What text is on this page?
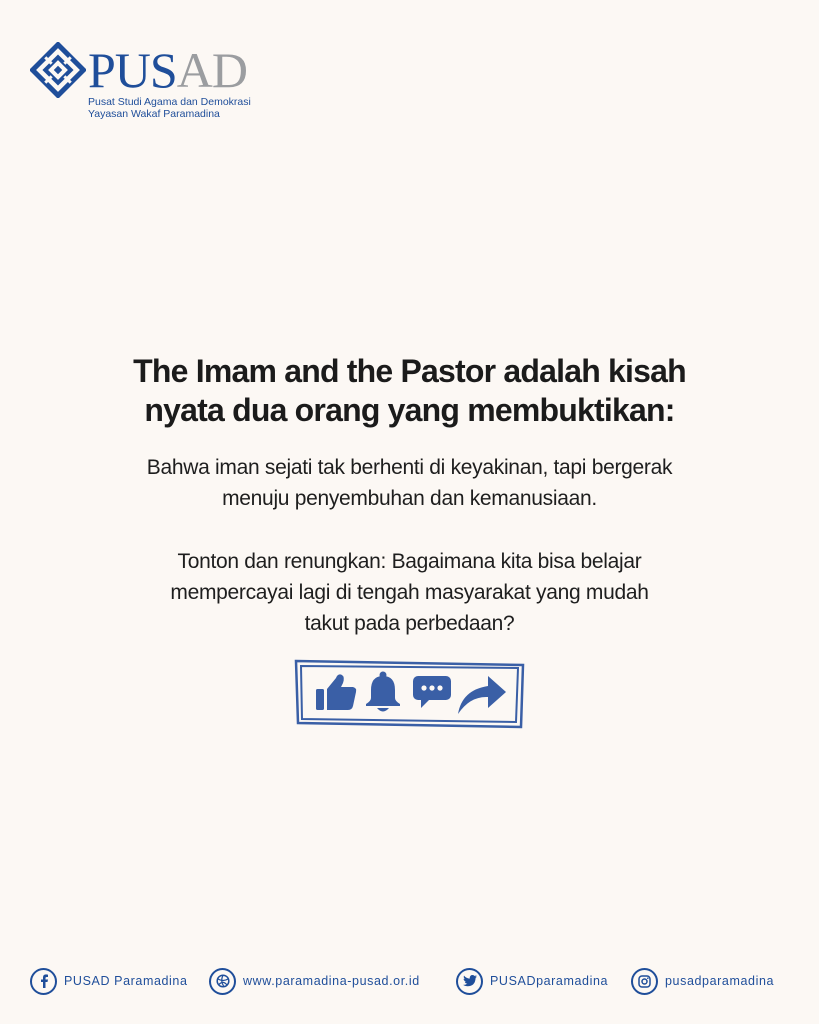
PUSAD
Pusat Studi Agama dan Demokrasi
Yayasan Wakaf Paramadina
The Imam and the Pastor adalah kisah
nyata dua orang yang membuktikan:
Bahwa iman sejati tak berhenti di keyakinan, tapi bergerak
menuju penyembuhan dan kemanusiaan.
Tonton dan renungkan: Bagaimana kita bisa belajar
mempercayai lagi di tengah masyarakat yang mudah
takut pada perbedaan?
PUSAD Paramadina	www.paramadina-pusad.or.id	PUSADparamadina	pusadparamadina
